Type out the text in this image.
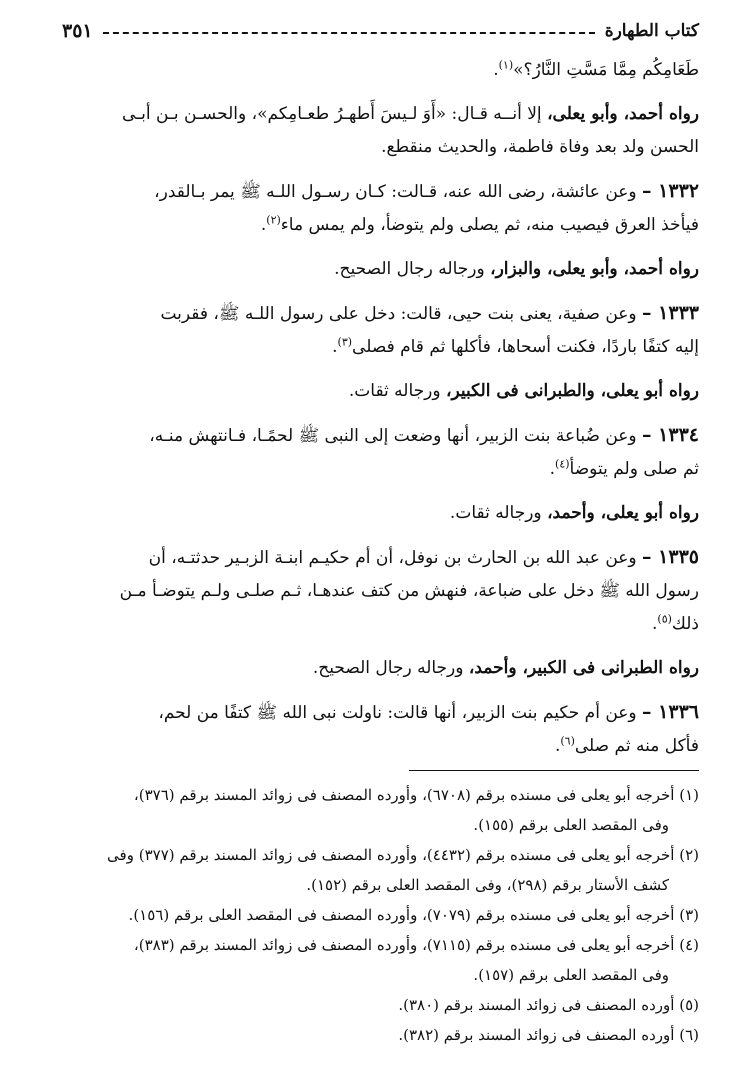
كتاب الطهارة
٣٥١

طَعَامِكُم مِمَّا مَسَّتِ النَّارُ؟»$^{(١)}$.

رواه أحمد، وأبو يعلى، إلا أنــه قـال: «أَوَ لـيسَ أَطهـرُ طعـامِكم»، والحسـن بـن أبـى

الحسن ولد بعد وفاة فاطمة، والحديث منقطع.

١٣٣٢ – وعن عائشة، رضى الله عنه، قـالت: كـان رسـول اللـه ﷺ يمر بـالقدر،

فيأخذ العرق فيصيب منه، ثم يصلى ولم يتوضأ، ولم يمس ماء$^{(٢)}$.

رواه أحمد، وأبو يعلى، والبزار، ورجاله رجال الصحيح.

١٣٣٣ – وعن صفية، يعنى بنت حيى، قالت: دخل على رسول اللـه ﷺ، فقربت

إليه كتفًا باردًا، فكنت أسحاها، فأكلها ثم قام فصلى$^{(٣)}$.

رواه أبو يعلى، والطبرانى فى الكبير، ورجاله ثقات.

١٣٣٤ – وعن ضُباعة بنت الزبير، أنها وضعت إلى النبى ﷺ لحمًـا، فـانتهش منـه،

ثم صلى ولم يتوضأ$^{(٤)}$.

رواه أبو يعلى، وأحمد، ورجاله ثقات.

١٣٣٥ – وعن عبد الله بن الحارث بن نوفل، أن أم حكيـم ابنـة الزبـير حدثتـه، أن

رسول الله ﷺ دخل على ضباعة، فنهش من كتف عندهـا، ثـم صلـى ولـم يتوضـأ مـن

ذلك$^{(٥)}$.

رواه الطبرانى فى الكبير، وأحمد، ورجاله رجال الصحيح.

١٣٣٦ – وعن أم حكيم بنت الزبير، أنها قالت: ناولت نبى الله ﷺ كتفًا من لحم،

فأكل منه ثم صلى$^{(٦)}$.

(١) أخرجه أبو يعلى فى مسنده برقم (٦٧٠٨)، وأورده المصنف فى زوائد المسند برقم (٣٧٦)،

وفى المقصد العلى برقم (١٥٥).

(٢) أخرجه أبو يعلى فى مسنده برقم (٤٤٣٢)، وأورده المصنف فى زوائد المسند برقم (٣٧٧) وفى

كشف الأستار برقم (٢٩٨)، وفى المقصد العلى برقم (١٥٢).

(٣) أخرجه أبو يعلى فى مسنده برقم (٧٠٧٩)، وأورده المصنف فى المقصد العلى برقم (١٥٦).

(٤) أخرجه أبو يعلى فى مسنده برقم (٧١١٥)، وأورده المصنف فى زوائد المسند برقم (٣٨٣)،

وفى المقصد العلى برقم (١٥٧).

(٥) أورده المصنف فى زوائد المسند برقم (٣٨٠).

(٦) أورده المصنف فى زوائد المسند برقم (٣٨٢).
